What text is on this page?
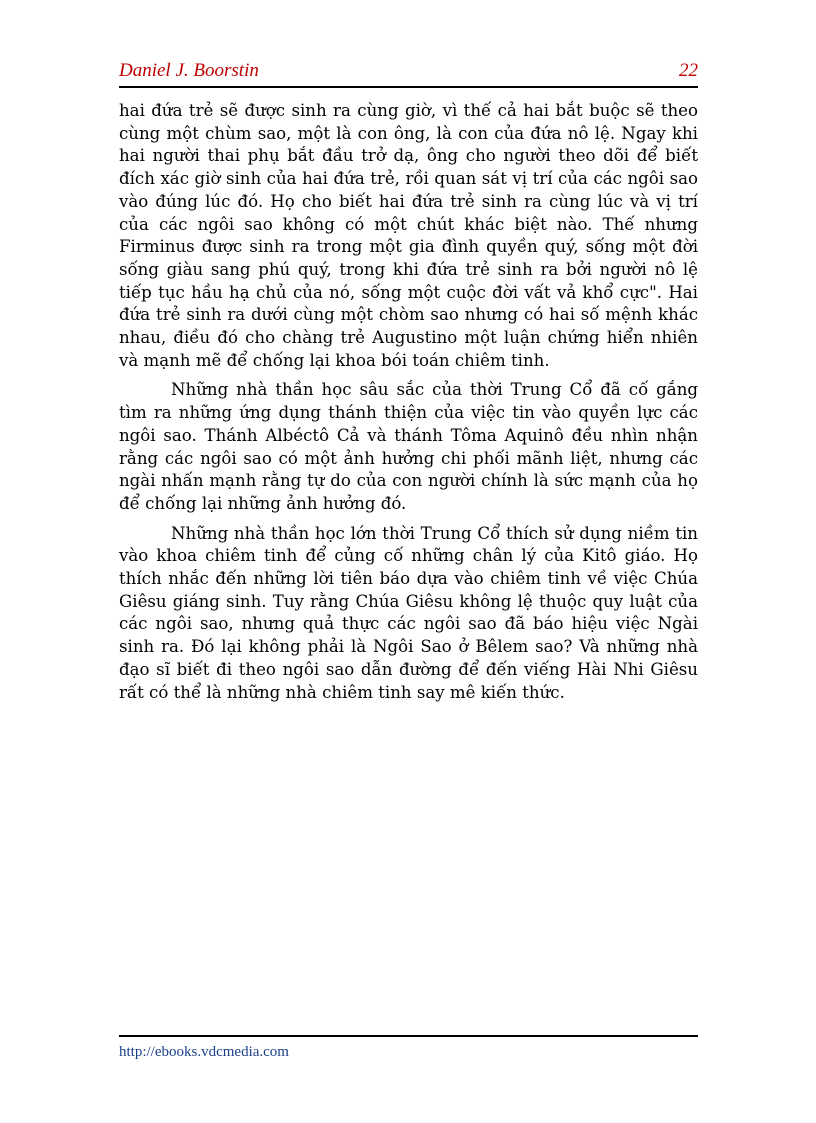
Daniel J. Boorstin	22

hai đứa trẻ sẽ được sinh ra cùng giờ, vì thế cả hai bắt buộc sẽ theo cùng một chùm sao, một là con ông, là con của đứa nô lệ. Ngay khi hai người thai phụ bắt đầu trở dạ, ông cho người theo dõi để biết đích xác giờ sinh của hai đứa trẻ, rồi quan sát vị trí của các ngôi sao vào đúng lúc đó. Họ cho biết hai đứa trẻ sinh ra cùng lúc và vị trí của các ngôi sao không có một chút khác biệt nào. Thế nhưng Firminus được sinh ra trong một gia đình quyền quý, sống một đời sống giàu sang phú quý, trong khi đứa trẻ sinh ra bởi người nô lệ tiếp tục hầu hạ chủ của nó, sống một cuộc đời vất vả khổ cực". Hai đứa trẻ sinh ra dưới cùng một chòm sao nhưng có hai số mệnh khác nhau, điều đó cho chàng trẻ Augustino một luận chứng hiển nhiên và mạnh mẽ để chống lại khoa bói toán chiêm tinh.

Những nhà thần học sâu sắc của thời Trung Cổ đã cố gắng tìm ra những ứng dụng thánh thiện của việc tin vào quyền lực các ngôi sao. Thánh Albéctô Cả và thánh Tôma Aquinô đều nhìn nhận rằng các ngôi sao có một ảnh hưởng chi phối mãnh liệt, nhưng các ngài nhấn mạnh rằng tự do của con người chính là sức mạnh của họ để chống lại những ảnh hưởng đó.

Những nhà thần học lớn thời Trung Cổ thích sử dụng niềm tin vào khoa chiêm tinh để củng cố những chân lý của Kitô giáo. Họ thích nhắc đến những lời tiên báo dựa vào chiêm tinh về việc Chúa Giêsu giáng sinh. Tuy rằng Chúa Giêsu không lệ thuộc quy luật của các ngôi sao, nhưng quả thực các ngôi sao đã báo hiệu việc Ngài sinh ra. Đó lại không phải là Ngôi Sao ở Bêlem sao? Và những nhà đạo sĩ biết đi theo ngôi sao dẫn đường để đến viếng Hài Nhi Giêsu rất có thể là những nhà chiêm tinh say mê kiến thức.

http://ebooks.vdcmedia.com
